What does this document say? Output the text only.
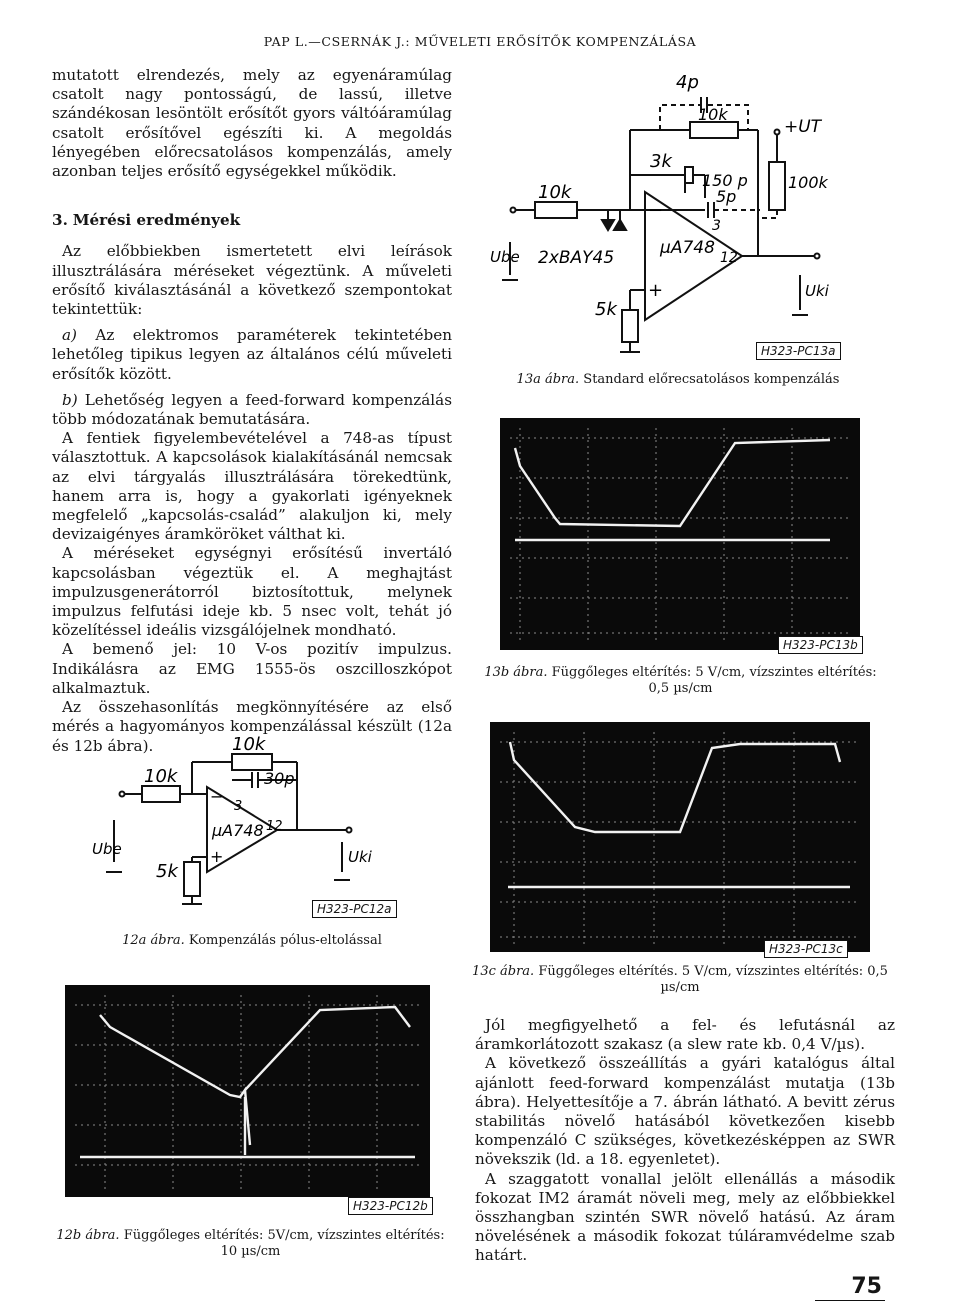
PAP L.—CSERNÁK J.: MŰVELETI ERŐSÍTŐK KOMPENZÁLÁSA

mutatott elrendezés, mely az egyenáramúlag csatolt nagy pontosságú, de lassú, illetve szándékosan lesöntölt erősítőt gyors váltóáramúlag csatolt erősítővel egészíti ki. A megoldás lényegében előrecsatolásos kompenzálás, amely azonban teljes erősítő egységekkel működik.

3. Mérési eredmények

Az előbbiekben ismertetett elvi leírások illusztrálására méréseket végeztünk. A műveleti erősítő kiválasztásánál a következő szempontokat tekintettük:

a) Az elektromos paraméterek tekintetében lehetőleg tipikus legyen az általános célú műveleti erősítők között.

b) Lehetőség legyen a feed-forward kompenzálás több módozatának bemutatására.

A fentiek figyelembevételével a 748-as típust választottuk. A kapcsolások kialakításánál nemcsak az elvi tárgyalás illusztrálására törekedtünk, hanem arra is, hogy a gyakorlati igényeknek megfelelő „kapcsolás-család” alakuljon ki, mely devizaigényes áramköröket válthat ki.

A méréseket egységnyi erősítésű invertáló kapcsolásban végeztük el. A meghajtást impulzusgenerátorról biztosítottuk, melynek impulzus felfutási ideje kb. 5 nsec volt, tehát jó közelítéssel ideális vizsgálójelnek mondható.

A bemenő jel: 10 V-os pozitív impulzus. Indikálásra az EMG 1555-ös oszcilloszkópot alkalmaztuk.

Az összehasonlítás megkönnyítésére az első mérés a hagyományos kompenzálással készült (12a és 12b ábra).

4p
10k
3k
150 p
5p
10k
2xBAY45	µA748
3
12
−
+
5k
100k
+UT
Ube
Uki
H323-PC13a
13a ábra. Standard előrecsatolásos kompenzálás
H323-PC13b
13b ábra. Függőleges eltérítés: 5 V/cm, vízszintes eltérítés: 0,5 µs/cm
H323-PC13c
13c ábra. Függőleges eltérítés. 5 V/cm, vízszintes eltérítés: 0,5 µs/cm
10k
30p
10k
5k
µA748
−
+
3
12
Ube	Uki
H323-PC12a
12a ábra. Kompenzálás pólus-eltolással
H323-PC12b
12b ábra. Függőleges eltérítés: 5V/cm, vízszintes eltérítés: 10 µs/cm

Jól megfigyelhető a fel- és lefutásnál az áramkorlátozott szakasz (a slew rate kb. 0,4 V/µs).

A következő összeállítás a gyári katalógus által ajánlott feed-forward kompenzálást mutatja (13b ábra). Helyettesítője a 7. ábrán látható. A bevitt zérus stabilitás növelő hatásából következően kisebb kompenzáló C szükséges, következésképpen az SWR növekszik (ld. a 18. egyenletet).

A szaggatott vonallal jelölt ellenállás a második fokozat IM2 áramát növeli meg, mely az előbbiekkel összhangban szintén SWR növelő hatású. Az áram növelésének a második fokozat túláramvédelme szab határt.

75
